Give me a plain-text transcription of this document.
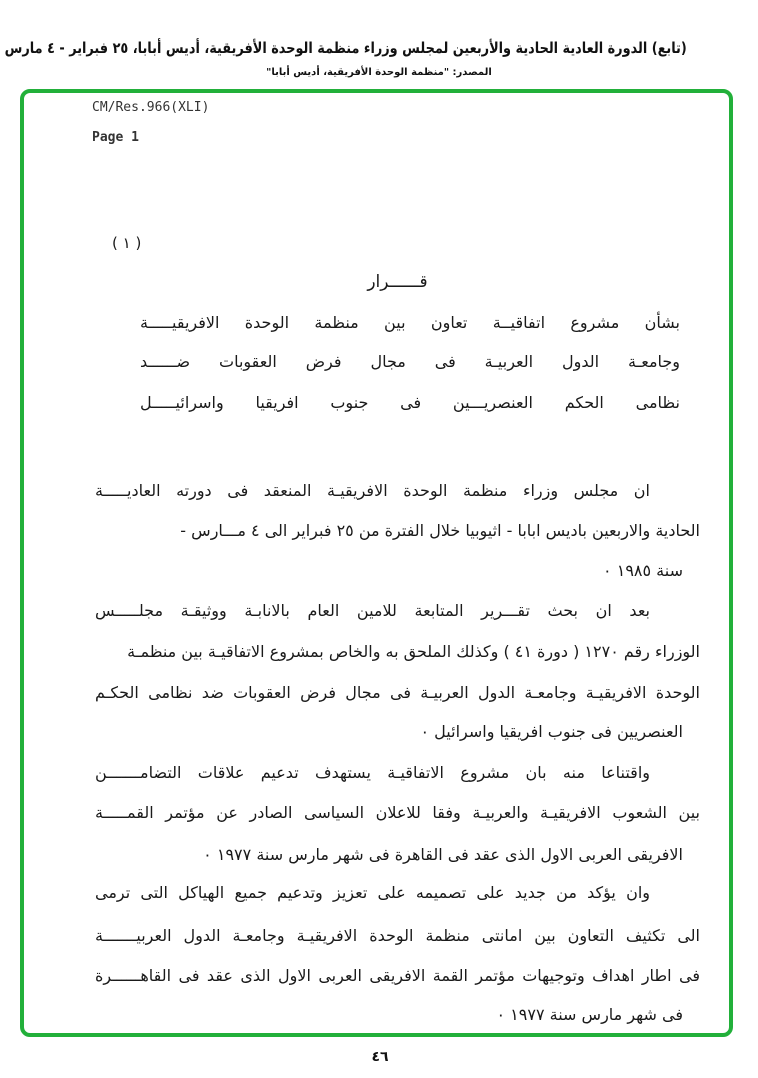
(تابع) الدورة العادية الحادية والأربعين لمجلس وزراء منظمة الوحدة الأفريقية، أديس أبابا، ٢٥ فبراير - ٤ مارس
المصدر: "منظمة الوحدة الأفريقية، أديس أبابا"
CM/Res.966(XLI)
Page 1
( ١ )
قــــــرار
بشأن مشروع اتفاقيــة تعاون بين منظمة الوحدة الافريقيـــــة
وجامعـة الدول العربيـة فى مجال فرض العقوبات ضــــــد
نظامى الحكم العنصريـــين فى جنوب افريقيا واسرائيـــــل
ان مجلس وزراء منظمة الوحدة الافريقيـة المنعقد فى دورته العاديـــــة
الحادية والاربعين باديس ابابا - اثيوبيا خلال الفترة من ٢٥ فبراير الى ٤ مـــارس -
سنة ١٩٨٥ ٠
بعد ان بحث تقـــرير المتابعة للامين العام بالانابـة ووثيقـة مجلـــــس
الوزراء رقم ١٢٧٠ ( دورة ٤١ ) وكذلك الملحق به والخاص بمشروع الاتفاقيـة بين منظمـة
الوحدة الافريقيـة وجامعـة الدول العربيـة فى مجال فرض العقوبات ضد نظامى الحكـم
العنصريين فى جنوب افريقيا واسرائيل ٠
واقتناعا منه بان مشروع الاتفاقيـة يستهدف تدعيم علاقات التضامـــــــن
بين الشعوب الافريقيـة والعربيـة وفقا للاعلان السياسى الصادر عن مؤتمر القمـــــة
الافريقى العربى الاول الذى عقد فى القاهرة فى شهر مارس سنة ١٩٧٧ ٠
وان يؤكد من جديد على تصميمه على تعزيز وتدعيم جميع الهياكل التى ترمى
الى تكثيف التعاون بين امانتى منظمة الوحدة الافريقيـة وجامعـة الدول العربيـــــــة
فى اطار اهداف وتوجيهات مؤتمر القمة الافريقى العربى الاول الذى عقد فى القاهــــــرة
فى شهر مارس سنة ١٩٧٧ ٠
٤٦
